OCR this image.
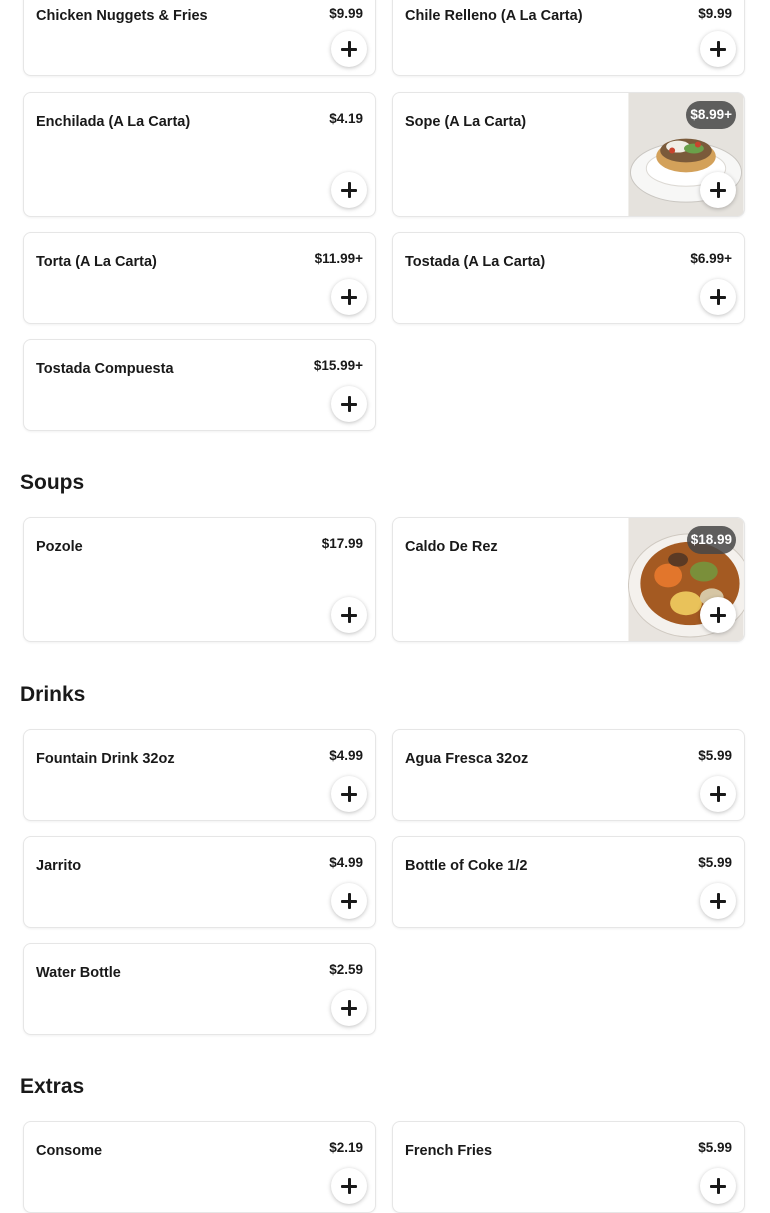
Chicken Nuggets & Fries	$9.99	Chile Relleno (A La Carta)	$9.99
Enchilada (A La Carta)	$4.19	Sope (A La Carta)	$8.99+
Torta (A La Carta)	$11.99+	Tostada (A La Carta)	$6.99+
Tostada Compuesta	$15.99+
Soups
Pozole	$17.99	Caldo De Rez	$18.99
Drinks
Fountain Drink 32oz	$4.99	Agua Fresca 32oz	$5.99
Jarrito	$4.99	Bottle of Coke 1/2	$5.99
Water Bottle	$2.59
Extras
Consome	$2.19	French Fries	$5.99
